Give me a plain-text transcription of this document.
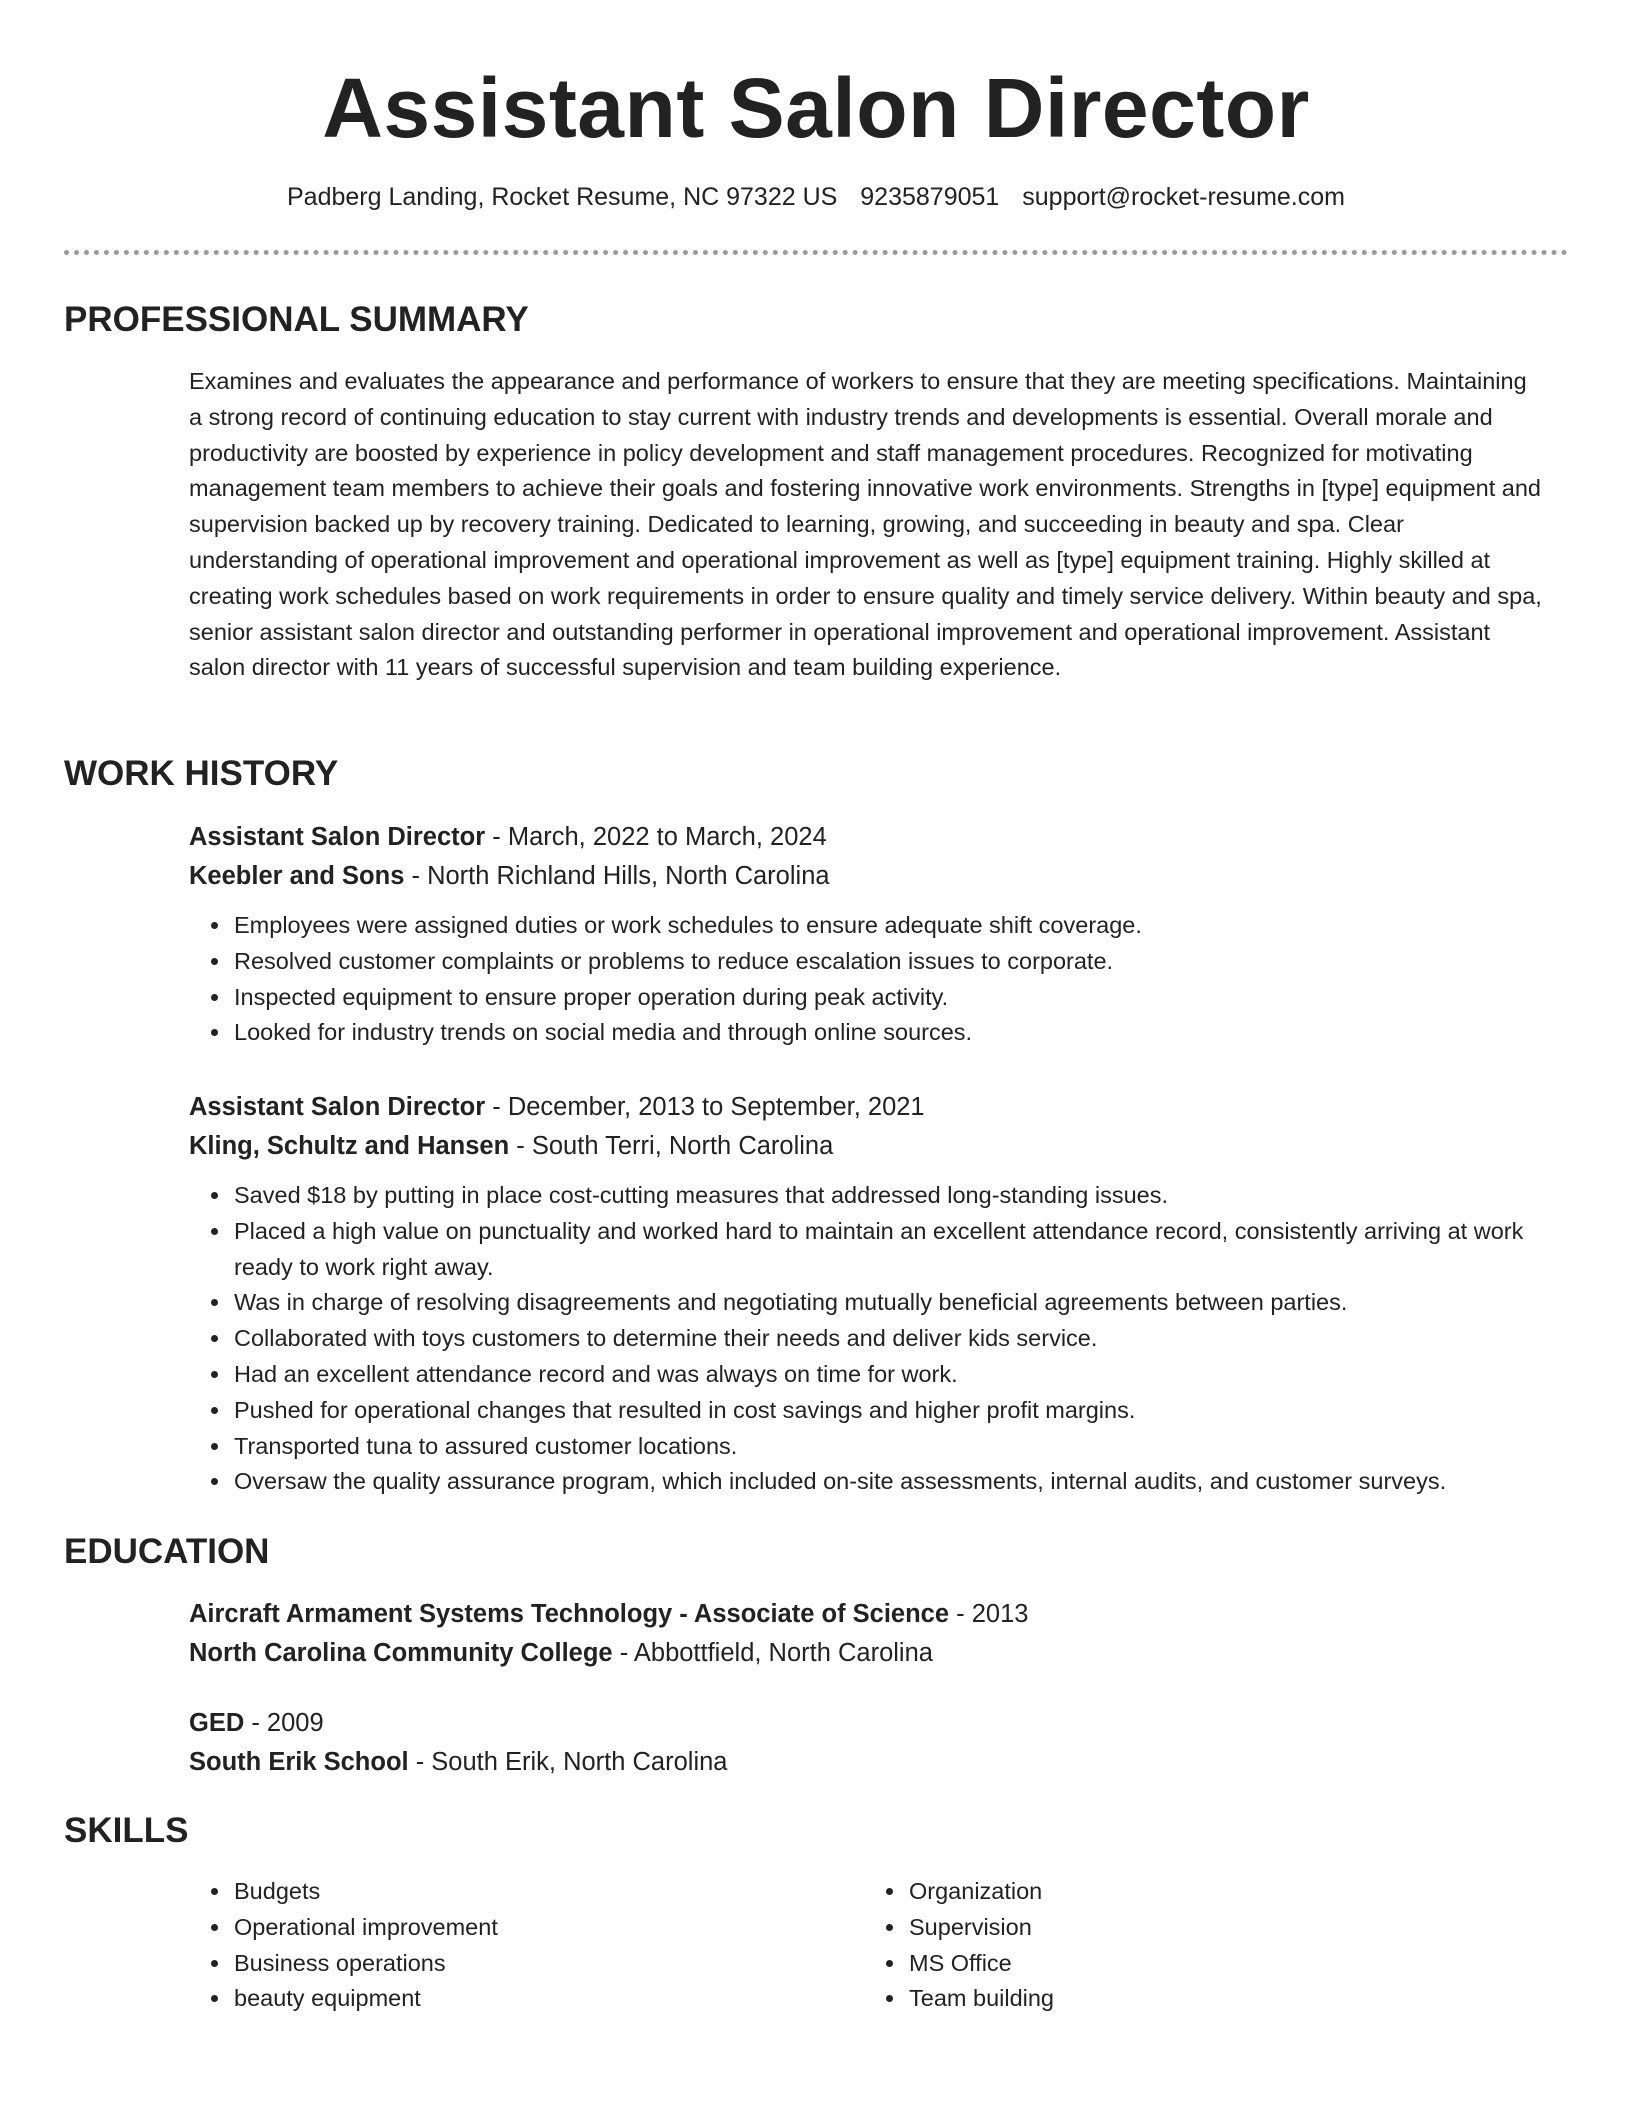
Assistant Salon Director
Padberg Landing, Rocket Resume, NC 97322 US 9235879051 support@rocket-resume.com
PROFESSIONAL SUMMARY

Examines and evaluates the appearance and performance of workers to ensure that they are meeting specifications. Maintaining a strong record of continuing education to stay current with industry trends and developments is essential. Overall morale and productivity are boosted by experience in policy development and staff management procedures. Recognized for motivating management team members to achieve their goals and fostering innovative work environments. Strengths in [type] equipment and supervision backed up by recovery training. Dedicated to learning, growing, and succeeding in beauty and spa. Clear understanding of operational improvement and operational improvement as well as [type] equipment training. Highly skilled at creating work schedules based on work requirements in order to ensure quality and timely service delivery. Within beauty and spa, senior assistant salon director and outstanding performer in operational improvement and operational improvement. Assistant salon director with 11 years of successful supervision and team building experience.

WORK HISTORY

Assistant Salon Director - March, 2022 to March, 2024

Keebler and Sons - North Richland Hills, North Carolina

• Employees were assigned duties or work schedules to ensure adequate shift coverage.
• Resolved customer complaints or problems to reduce escalation issues to corporate.
• Inspected equipment to ensure proper operation during peak activity.
• Looked for industry trends on social media and through online sources.

Assistant Salon Director - December, 2013 to September, 2021

Kling, Schultz and Hansen - South Terri, North Carolina

• Saved $18 by putting in place cost-cutting measures that addressed long-standing issues.
• Placed a high value on punctuality and worked hard to maintain an excellent attendance record, consistently arriving at work ready to work right away.
• Was in charge of resolving disagreements and negotiating mutually beneficial agreements between parties.
• Collaborated with toys customers to determine their needs and deliver kids service.
• Had an excellent attendance record and was always on time for work.
• Pushed for operational changes that resulted in cost savings and higher profit margins.
• Transported tuna to assured customer locations.
• Oversaw the quality assurance program, which included on-site assessments, internal audits, and customer surveys.
EDUCATION

Aircraft Armament Systems Technology - Associate of Science - 2013

North Carolina Community College - Abbottfield, North Carolina

GED - 2009

South Erik School - South Erik, North Carolina

SKILLS
• Budgets
• Operational improvement
• Business operations
• beauty equipment
• Organization
• Supervision
• MS Office
• Team building
